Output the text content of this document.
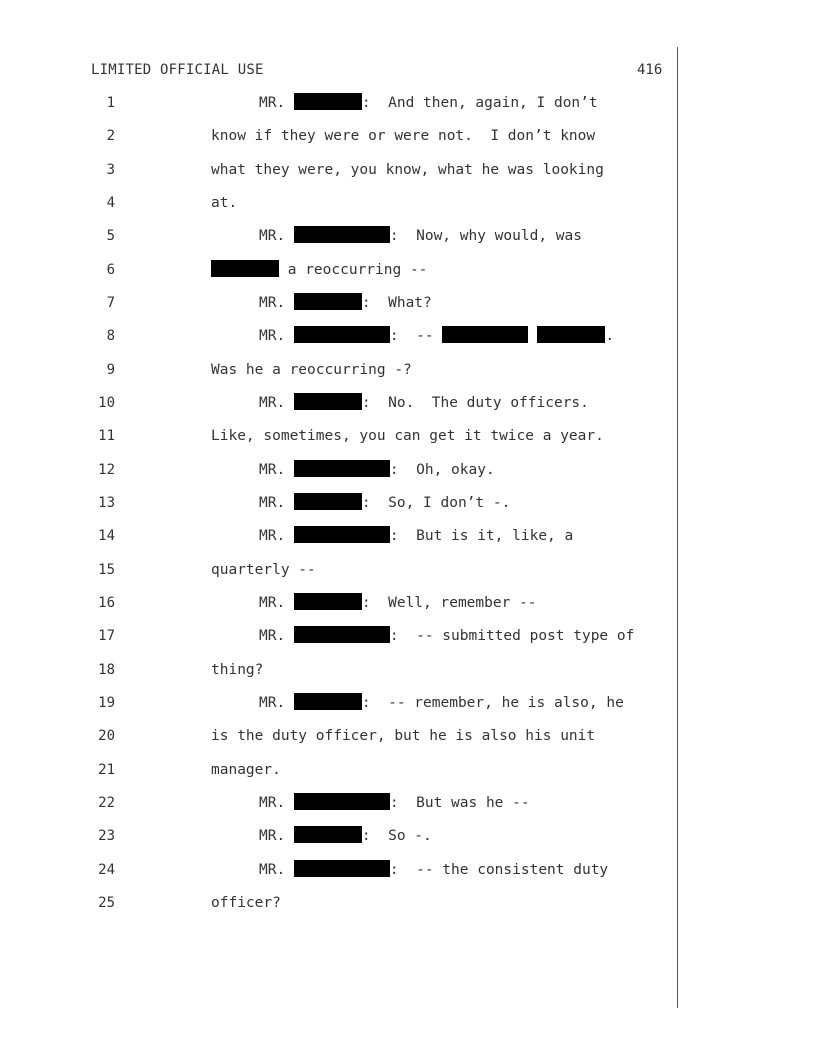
LIMITED OFFICIAL USE	416
1	MR.	:  And then, again, I don’t
2	know if they were or were not.  I don’t know
3	what they were, you know, what he was looking
4	at.
5	MR.	:  Now, why would, was
6	a reoccurring --
7	MR.	:  What?
8	MR.	:  --	.
9	Was he a reoccurring -?
10	MR.	:  No.  The duty officers.
11	Like, sometimes, you can get it twice a year.
12	MR.	:  Oh, okay.
13	MR.	:  So, I don’t -.
14	MR.	:  But is it, like, a
15	quarterly --
16	MR.	:  Well, remember --
17	MR.	:  -- submitted post type of
18	thing?
19	MR.	:  -- remember, he is also, he
20	is the duty officer, but he is also his unit
21	manager.
22	MR.	:  But was he --
23	MR.	:  So -.
24	MR.	:  -- the consistent duty
25	officer?
